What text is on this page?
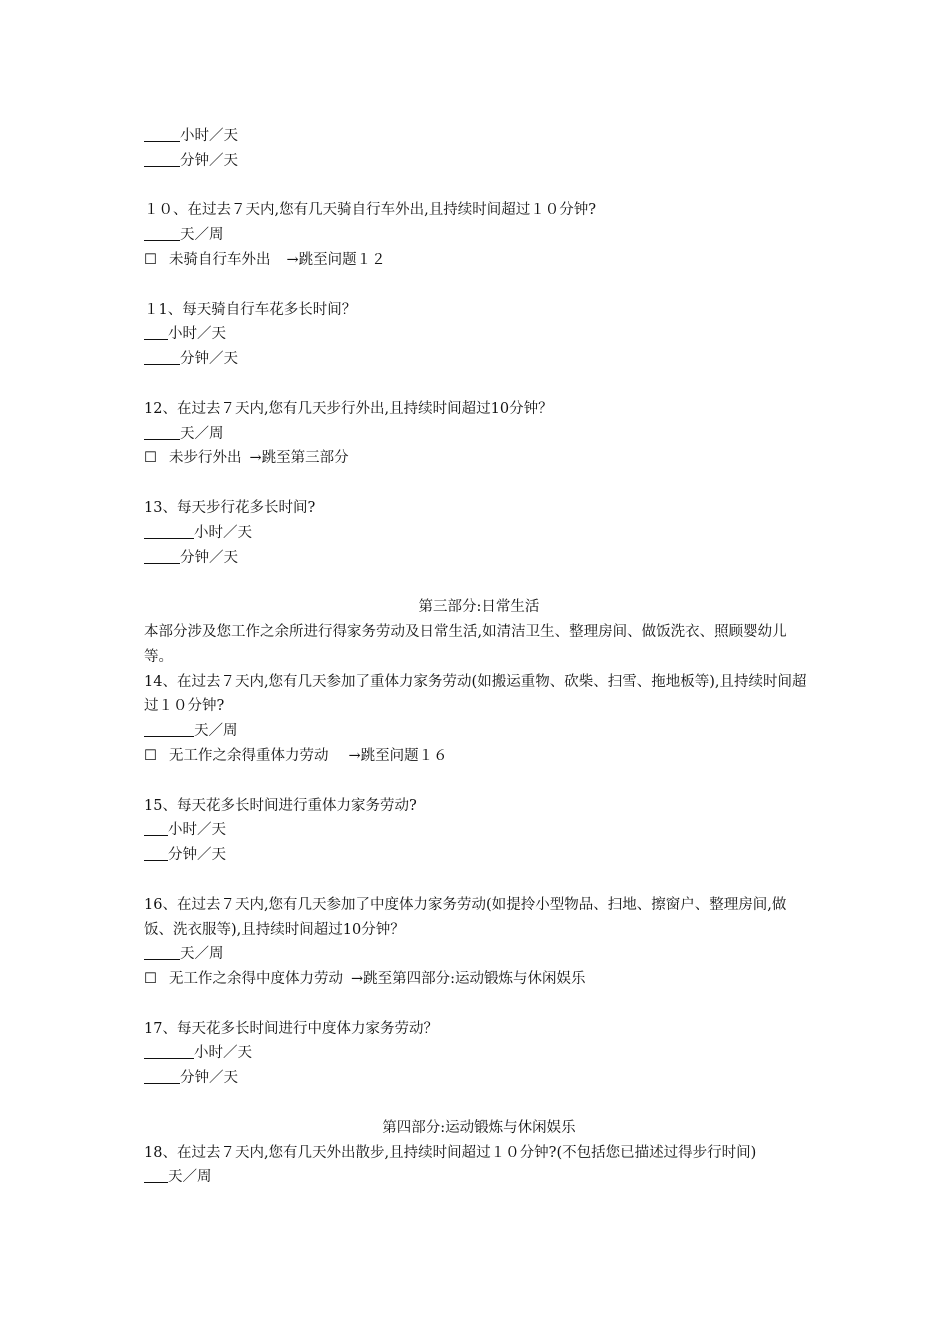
小时／天
分钟／天
１０、在过去７天内,您有几天骑自行车外出,且持续时间超过１０分钟?
天／周
☐ 未骑自行车外出 →跳至问题１２
１1、每天骑自行车花多长时间？
小时／天
分钟／天
12、在过去７天内,您有几天步行外出,且持续时间超过10分钟？
天／周
☐ 未步行外出 →跳至第三部分
13、每天步行花多长时间?
小时／天
分钟／天
第三部分:日常生活
本部分涉及您工作之余所进行得家务劳动及日常生活,如清洁卫生、整理房间、做饭洗衣、照顾婴幼儿等。
14、在过去７天内,您有几天参加了重体力家务劳动(如搬运重物、砍柴、扫雪、拖地板等),且持续时间超过１０分钟?
天／周
☐ 无工作之余得重体力劳动 →跳至问题１６
15、每天花多长时间进行重体力家务劳动?
小时／天
分钟／天
16、在过去７天内,您有几天参加了中度体力家务劳动(如提拎小型物品、扫地、擦窗户、整理房间,做饭、洗衣服等),且持续时间超过10分钟？
天／周
☐ 无工作之余得中度体力劳动 →跳至第四部分:运动锻炼与休闲娱乐
17、每天花多长时间进行中度体力家务劳动？
小时／天
分钟／天
第四部分:运动锻炼与休闲娱乐
18、在过去７天内,您有几天外出散步,且持续时间超过１０分钟?(不包括您已描述过得步行时间)
天／周
